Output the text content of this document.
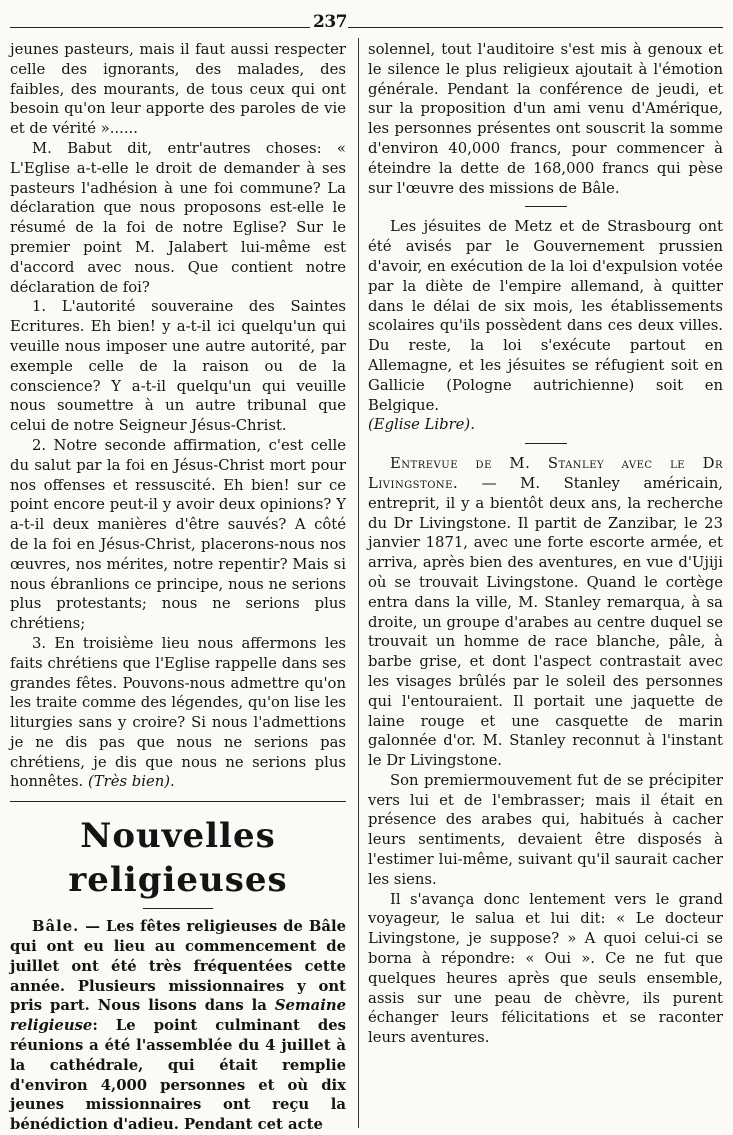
237

jeunes pasteurs, mais il faut aussi respecter celle des ignorants, des malades, des faibles, des mourants, de tous ceux qui ont besoin qu'on leur apporte des paroles de vie et de vérité »......

M. Babut dit, entr'autres choses: « L'Eglise a-t-elle le droit de demander à ses pasteurs l'adhésion à une foi commune? La déclaration que nous proposons est-elle le résumé de la foi de notre Eglise? Sur le premier point M. Jalabert lui-même est d'accord avec nous. Que contient notre déclaration de foi?

1. L'autorité souveraine des Saintes Ecritures. Eh bien! y a-t-il ici quelqu'un qui veuille nous imposer une autre autorité, par exemple celle de la raison ou de la conscience? Y a-t-il quelqu'un qui veuille nous soumettre à un autre tribunal que celui de notre Seigneur Jésus-Christ.

2. Notre seconde affirmation, c'est celle du salut par la foi en Jésus-Christ mort pour nos offenses et ressuscité. Eh bien! sur ce point encore peut-il y avoir deux opinions? Y a-t-il deux manières d'être sauvés? A côté de la foi en Jésus-Christ, placerons-nous nos œuvres, nos mérites, notre repentir? Mais si nous ébranlions ce principe, nous ne serions plus protestants; nous ne serions plus chrétiens;

3. En troisième lieu nous affermons les faits chrétiens que l'Eglise rappelle dans ses grandes fêtes. Pouvons-nous admettre qu'on les traite comme des légendes, qu'on lise les liturgies sans y croire? Si nous l'admettions je ne dis pas que nous ne serions pas chrétiens, je dis que nous ne serions plus honnêtes. (Très bien).

Nouvelles religieuses

Bâle. — Les fêtes religieuses de Bâle qui ont eu lieu au commencement de juillet ont été très fréquentées cette année. Plusieurs missionnaires y ont pris part. Nous lisons dans la Semaine religieuse: Le point culminant des réunions a été l'assemblée du 4 juillet à la cathédrale, qui était remplie d'environ 4,000 personnes et où dix jeunes missionnaires ont reçu la bénédiction d'adieu. Pendant cet acte

solennel, tout l'auditoire s'est mis à genoux et le silence le plus religieux ajoutait à l'émotion générale. Pendant la conférence de jeudi, et sur la proposition d'un ami venu d'Amérique, les personnes présentes ont souscrit la somme d'environ 40,000 francs, pour commencer à éteindre la dette de 168,000 francs qui pèse sur l'œuvre des missions de Bâle.

Les jésuites de Metz et de Strasbourg ont été avisés par le Gouvernement prussien d'avoir, en exécution de la loi d'expulsion votée par la diète de l'empire allemand, à quitter dans le délai de six mois, les établissements scolaires qu'ils possèdent dans ces deux villes. Du reste, la loi s'exécute partout en Allemagne, et les jésuites se réfugient soit en Gallicie (Pologne autrichienne) soit en Belgique.

(Eglise Libre).

Entrevue de M. Stanley avec le Dr Livingstone. — M. Stanley américain, entreprit, il y a bientôt deux ans, la recherche du Dr Livingstone. Il partit de Zanzibar, le 23 janvier 1871, avec une forte escorte armée, et arriva, après bien des aventures, en vue d'Ujiji où se trouvait Livingstone. Quand le cortège entra dans la ville, M. Stanley remarqua, à sa droite, un groupe d'arabes au centre duquel se trouvait un homme de race blanche, pâle, à barbe grise, et dont l'aspect contrastait avec les visages brûlés par le soleil des personnes qui l'entouraient. Il portait une jaquette de laine rouge et une casquette de marin galonnée d'or. M. Stanley reconnut à l'instant le Dr Livingstone.

Son premiermouvement fut de se précipiter vers lui et de l'embrasser; mais il était en présence des arabes qui, habitués à cacher leurs sentiments, devaient être disposés à l'estimer lui-même, suivant qu'il saurait cacher les siens.

Il s'avança donc lentement vers le grand voyageur, le salua et lui dit: « Le docteur Livingstone, je suppose? » A quoi celui-ci se borna à répondre: « Oui ». Ce ne fut que quelques heures après que seuls ensemble, assis sur une peau de chèvre, ils purent échanger leurs félicitations et se raconter leurs aventures.
